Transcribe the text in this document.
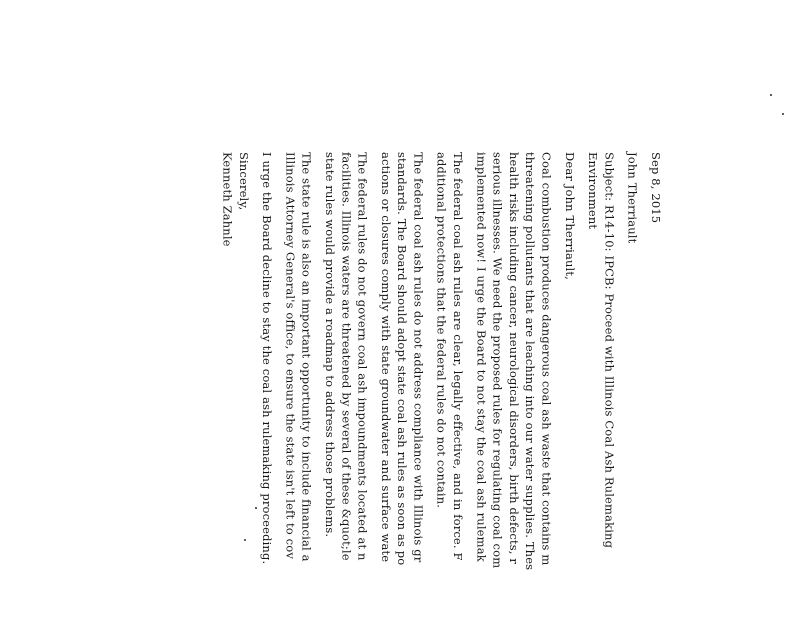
Sep 8, 2015
John Therriault
Subject: R14-10: IPCB: Proceed with Illinois Coal Ash Rulemaking
Environment
Dear John Therriault,
Coal combustion produces dangerous coal ash waste that contains m
threatening pollutants that are leaching into our water supplies. Thes
health risks including cancer, neurological disorders, birth defects, r
serious illnesses. We need the proposed rules for regulating coal com
implemented now! I urge the Board to not stay the coal ash rulemak
The federal coal ash rules are clear, legally effective, and in force. F
additional protections that the federal rules do not contain.
The federal coal ash rules do not address compliance with Illinois gr
standards. The Board should adopt state coal ash rules as soon as po
actions or closures comply with state groundwater and surface wate
The federal rules do not govern coal ash impoundments located at n
facilities. Illinois waters are threatened by several of these &quot;le
state rules would provide a roadmap to address those problems.
The state rule is also an important opportunity to include financial a
Illinois Attorney General's office, to ensure the state isn't left to cov
I urge the Board decline to stay the coal ash rulemaking proceeding.
Sincerely,
Kenneth Zahnle
